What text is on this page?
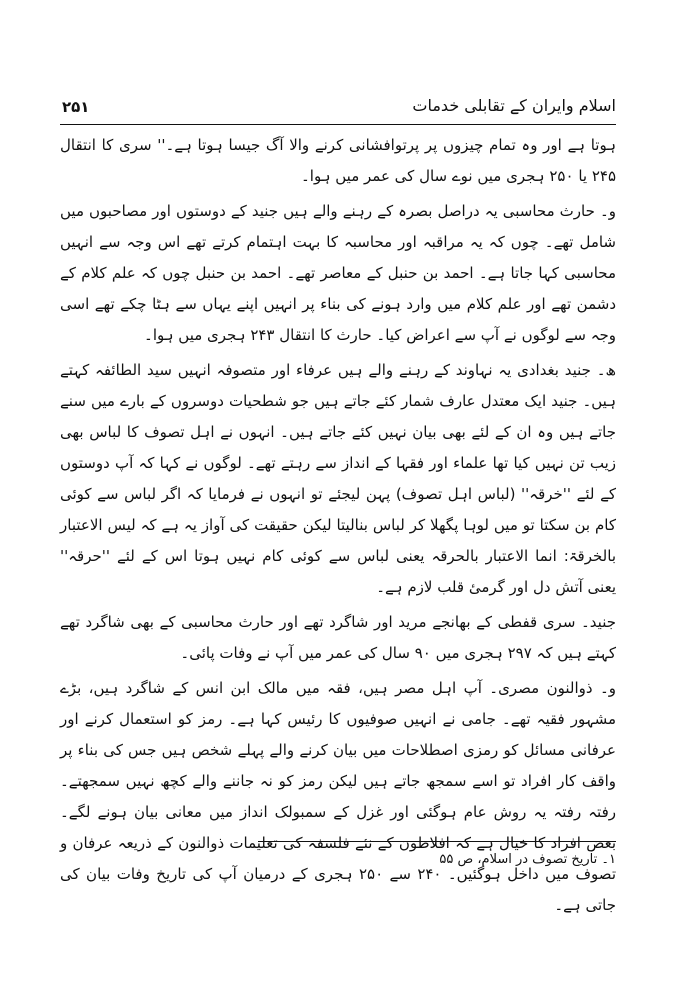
۲۵۱	اسلام وایران کے تقابلی خدمات

ہوتا ہے اور وہ تمام چیزوں پر پرتوافشانی کرنے والا آگ جیسا ہوتا ہے۔'' سری کا انتقال ۲۴۵ یا ۲۵۰ ہجری میں نوے سال کی عمر میں ہوا۔

و۔ حارث محاسبی یہ دراصل بصرہ کے رہنے والے ہیں جنید کے دوستوں اور مصاحبوں میں شامل تھے۔ چوں کہ یہ مراقبہ اور محاسبہ کا بہت اہتمام کرتے تھے اس وجہ سے انہیں محاسبی کہا جاتا ہے۔ احمد بن حنبل کے معاصر تھے۔ احمد بن حنبل چوں کہ علم کلام کے دشمن تھے اور علم کلام میں وارد ہونے کی بناء پر انہیں اپنے یہاں سے ہٹا چکے تھے اسی وجہ سے لوگوں نے آپ سے اعراض کیا۔ حارث کا انتقال ۲۴۳ ہجری میں ہوا۔

ھ۔ جنید بغدادی یہ نہاوند کے رہنے والے ہیں عرفاء اور متصوفہ انہیں سید الطائفہ کہتے ہیں۔ جنید ایک معتدل عارف شمار کئے جاتے ہیں جو شطحیات دوسروں کے بارے میں سنے جاتے ہیں وہ ان کے لئے بھی بیان نہیں کئے جاتے ہیں۔ انہوں نے اہل تصوف کا لباس بھی زیب تن نہیں کیا تھا علماء اور فقہا کے انداز سے رہتے تھے۔ لوگوں نے کہا کہ آپ دوستوں کے لئے ''خرقہ'' (لباس اہل تصوف) پہن لیجئے تو انہوں نے فرمایا کہ اگر لباس سے کوئی کام بن سکتا تو میں لوہا پگھلا کر لباس بنالیتا لیکن حقیقت کی آواز یہ ہے کہ لیس الاعتبار بالخرقۃ: انما الاعتبار بالحرقہ یعنی لباس سے کوئی کام نہیں ہوتا اس کے لئے ''حرقہ'' یعنی آتش دل اور گرمیٔ قلب لازم ہے۔

جنید۔ سری قفطی کے بھانجے مرید اور شاگرد تھے اور حارث محاسبی کے بھی شاگرد تھے کہتے ہیں کہ ۲۹۷ ہجری میں ۹۰ سال کی عمر میں آپ نے وفات پائی۔

و۔ ذوالنون مصری۔ آپ اہل مصر ہیں، فقہ میں مالک ابن انس کے شاگرد ہیں، بڑے مشہور فقیہ تھے۔ جامی نے انہیں صوفیوں کا رئیس کہا ہے۔ رمز کو استعمال کرنے اور عرفانی مسائل کو رمزی اصطلاحات میں بیان کرنے والے پہلے شخص ہیں جس کی بناء پر واقف کار افراد تو اسے سمجھ جاتے ہیں لیکن رمز کو نہ جاننے والے کچھ نہیں سمجھتے۔ رفتہ رفتہ یہ روش عام ہوگئی اور غزل کے سمبولک انداز میں معانی بیان ہونے لگے۔ بعض افراد کا خیال ہے کہ افلاطون کے نئے فلسفہ کی تعلیمات ذوالنون کے ذریعہ عرفان و تصوف میں داخل ہوگئیں۔ ۲۴۰ سے ۲۵۰ ہجری کے درمیان آپ کی تاریخ وفات بیان کی جاتی ہے۔

۱۔ تاریخ تصوف در اسلام، ص ۵۵
